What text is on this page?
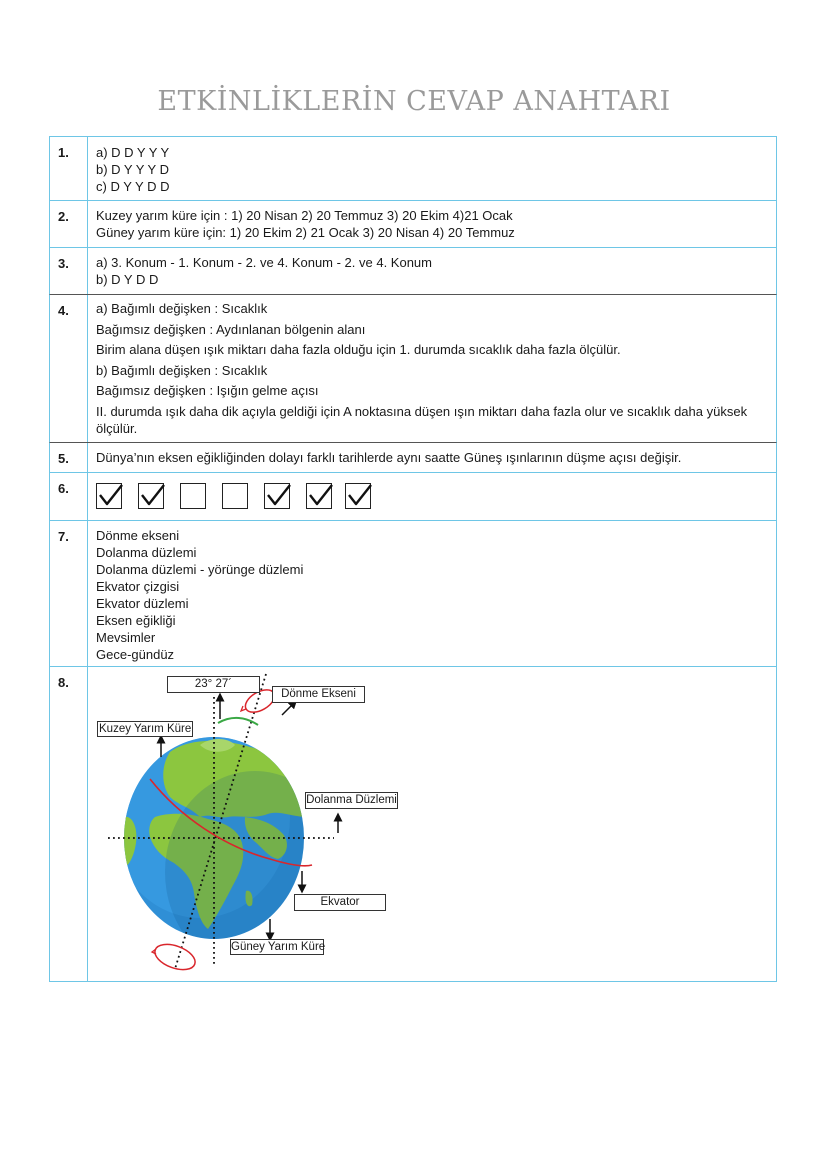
ETKİNLİKLERİN CEVAP ANAHTARI
1.	a) D D Y Y Y
b) D Y Y Y D
c) D Y Y D D
2.	Kuzey yarım küre için : 1) 20 Nisan 2) 20 Temmuz 3) 20 Ekim 4)21 Ocak
Güney yarım küre için: 1) 20 Ekim 2) 21 Ocak 3) 20 Nisan 4) 20 Temmuz
3.	a) 3. Konum - 1. Konum - 2. ve 4. Konum - 2. ve 4. Konum
b) D Y D D
4.	a) Bağımlı değişken : Sıcaklık
Bağımsız değişken : Aydınlanan bölgenin alanı
Birim alana düşen ışık miktarı daha fazla olduğu için 1. durumda sıcaklık daha fazla ölçülür.
b) Bağımlı değişken : Sıcaklık
Bağımsız değişken : Işığın gelme açısı
II. durumda ışık daha dik açıyla geldiği için A noktasına düşen ışın miktarı daha fazla olur ve sıcaklık daha yüksek ölçülür.
5.	Dünya’nın eksen eğikliğinden dolayı farklı tarihlerde aynı saatte Güneş ışınlarının düşme açısı değişir.
6.
7.	Dönme ekseni
Dolanma düzlemi
Dolanma düzlemi - yörünge düzlemi
Ekvator çizgisi
Ekvator düzlemi
Eksen eğikliği
Mevsimler
Gece-gündüz
8.	23° 27´
Dönme Ekseni
Kuzey Yarım Küre
Dolanma Düzlemi
Ekvator
Güney Yarım Küre
